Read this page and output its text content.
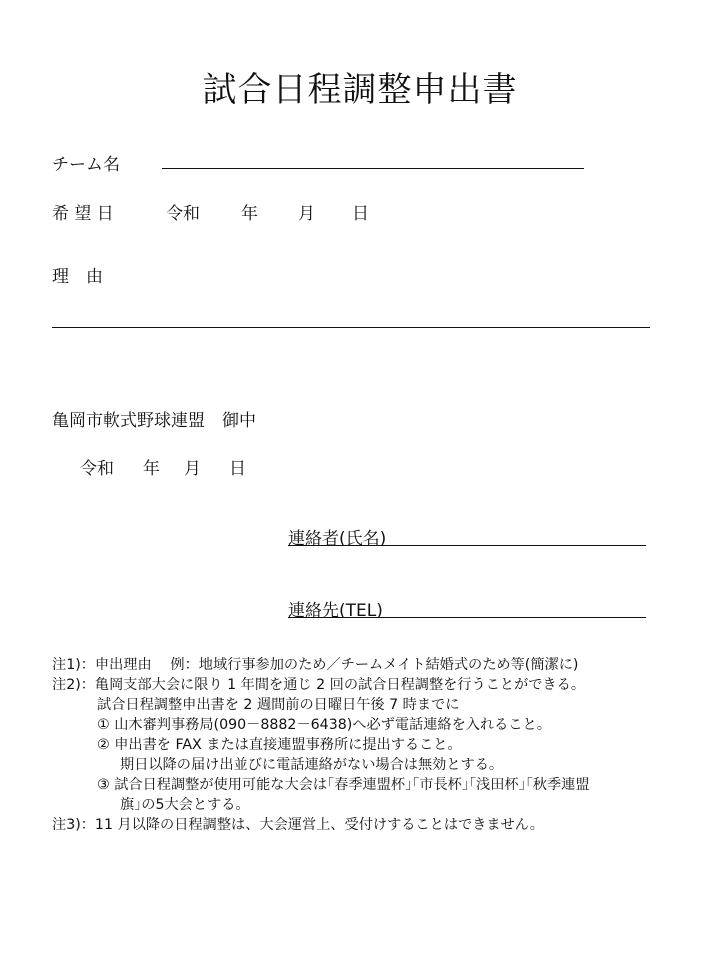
試合日程調整申出書
チーム名
希 望 日	令和 年 月 日
理　由
亀岡市軟式野球連盟　御中
令和 年 月 日
連絡者(氏名)
連絡先(TEL)
注1)：申出理由　 例：地域行事参加のため／チームメイト結婚式のため等(簡潔に)
注2)：亀岡支部大会に限り 1 年間を通じ 2 回の試合日程調整を行うことができる。
試合日程調整申出書を 2 週間前の日曜日午後 7 時までに
① 山木審判事務局(090－8882－6438)へ必ず電話連絡を入れること。
② 申出書を FAX または直接連盟事務所に提出すること。
期日以降の届け出並びに電話連絡がない場合は無効とする。
③ 試合日程調整が使用可能な大会は｢春季連盟杯｣｢市長杯｣｢浅田杯｣｢秋季連盟
旗｣の5大会とする。
注3)：11 月以降の日程調整は、大会運営上、受付けすることはできません。
